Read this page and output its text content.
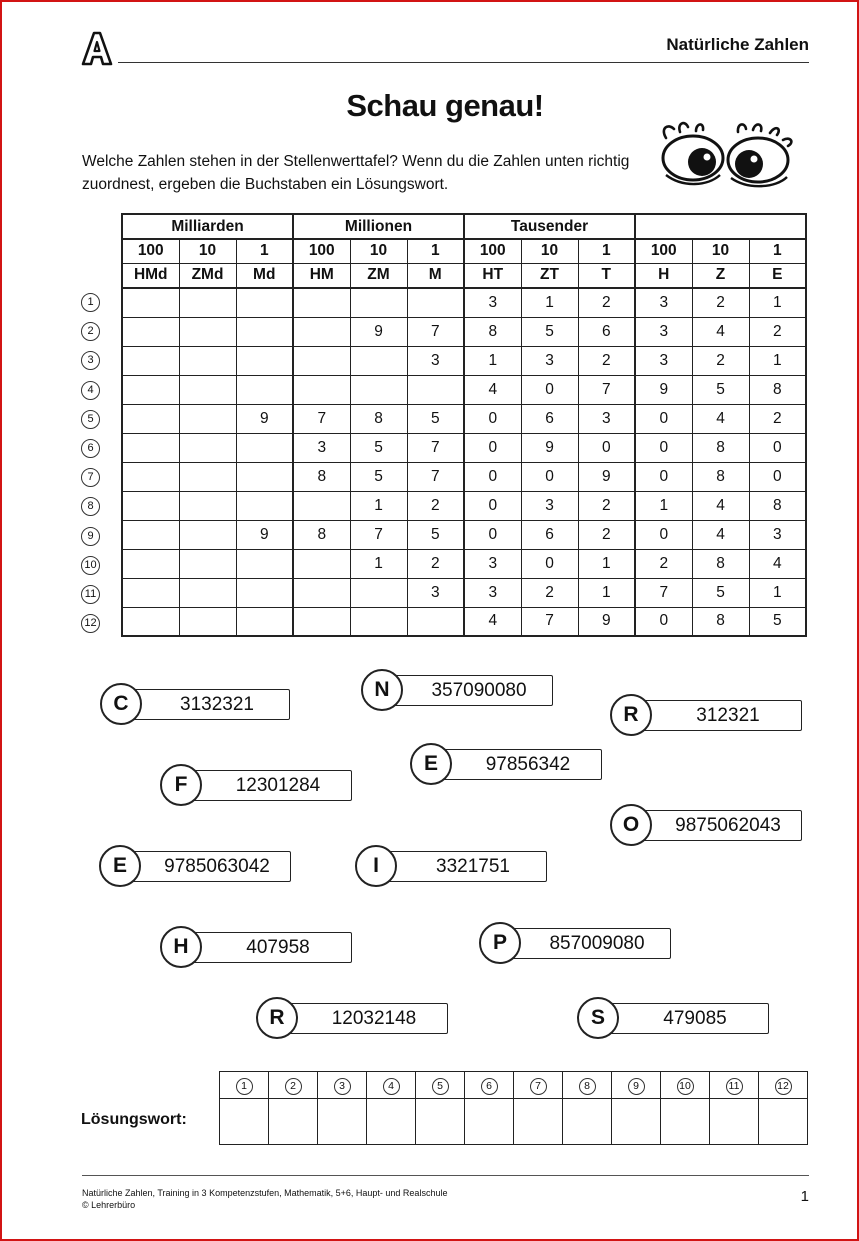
Natürliche Zahlen
Schau genau!
Welche Zahlen stehen in der Stellenwerttafel? Wenn du die Zahlen unten richtig zuordnest, ergeben die Buchstaben ein Lösungswort.
Milliarden			Millionen			Tausender					
100	10	1	100	10	1	100	10	1	100	10	1
HMd	ZMd	Md	HM	ZM	M	HT	ZT	T	H	Z	E
						3	1	2	3	2	1
				9	7	8	5	6	3	4	2
					3	1	3	2	3	2	1
						4	0	7	9	5	8
		9	7	8	5	0	6	3	0	4	2
			3	5	7	0	9	0	0	8	0
			8	5	7	0	0	9	0	8	0
				1	2	0	3	2	1	4	8
		9	8	7	5	0	6	2	0	4	3
				1	2	3	0	1	2	8	4
					3	3	2	1	7	5	1
						4	7	9	0	8	5
1
2
3
4
5
6
7
8
9
10
11
12
3132321
C
357090080
N
312321
R
97856342
E
12301284
F
9875062043
O
9785063042
E	3321751
I
407958
H	857009080
P
12032148
R	479085
S
Lösungswort:
1	2	3	4	5	6	7	8	9	10	11	12

Natürliche Zahlen, Training in 3 Kompetenzstufen, Mathematik, 5+6, Haupt- und Realschule
© Lehrerbüro	1
